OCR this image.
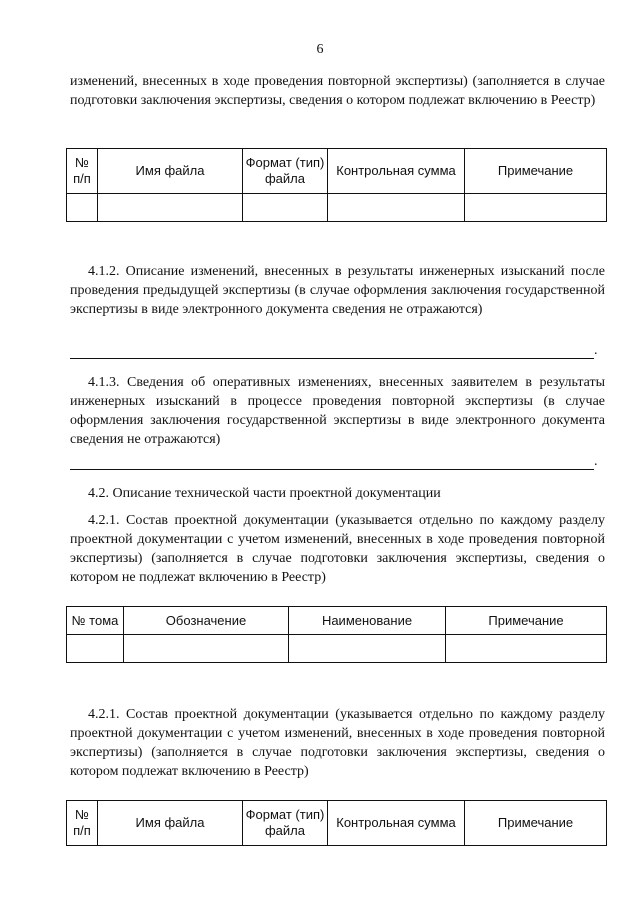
6

изменений, внесенных в ходе проведения повторной экспертизы) (заполняется в случае подготовки заключения экспертизы, сведения о котором подлежат включению в Реестр)

№ п/п	Имя файла	Формат (тип) файла	Контрольная сумма	Примечание

4.1.2. Описание изменений, внесенных в результаты инженерных изысканий после проведения предыдущей экспертизы (в случае оформления заключения государственной экспертизы в виде электронного документа сведения не отражаются)

.

4.1.3. Сведения об оперативных изменениях, внесенных заявителем в результаты инженерных изысканий в процессе проведения повторной экспертизы (в случае оформления заключения государственной экспертизы в виде электронного документа сведения не отражаются)

.

4.2. Описание технической части проектной документации

4.2.1. Состав проектной документации (указывается отдельно по каждому разделу проектной документации с учетом изменений, внесенных в ходе проведения повторной экспертизы) (заполняется в случае подготовки заключения экспертизы, сведения о котором не подлежат включению в Реестр)

№ тома	Обозначение	Наименование	Примечание

4.2.1. Состав проектной документации (указывается отдельно по каждому разделу проектной документации с учетом изменений, внесенных в ходе проведения повторной экспертизы) (заполняется в случае подготовки заключения экспертизы, сведения о котором подлежат включению в Реестр)

№ п/п	Имя файла	Формат (тип) файла	Контрольная сумма	Примечание
